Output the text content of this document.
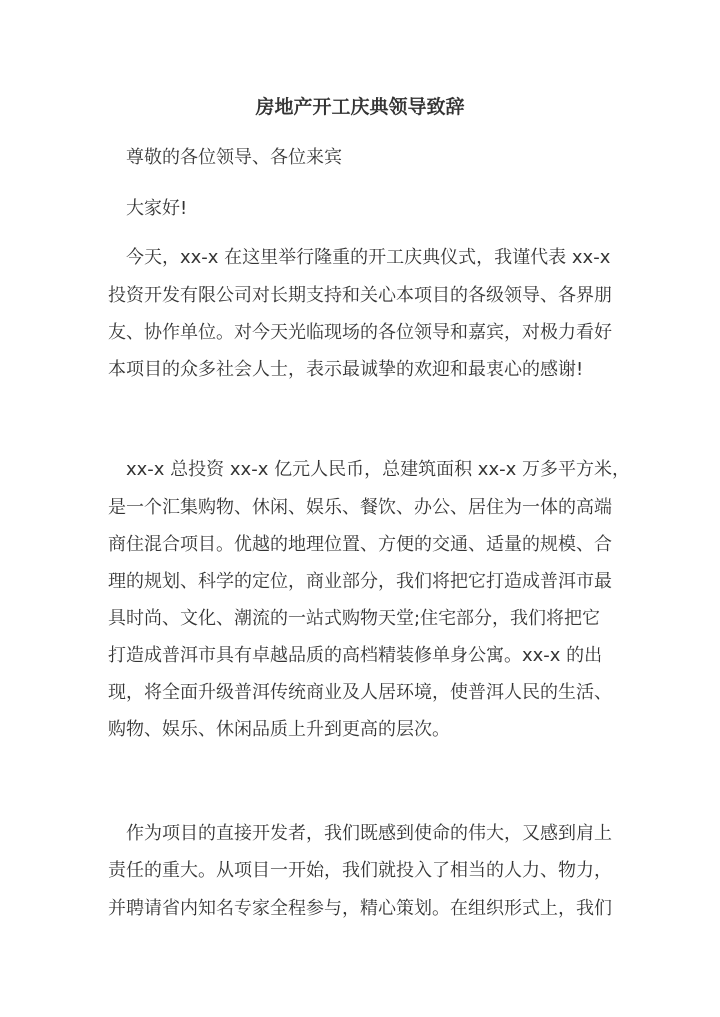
房地产开工庆典领导致辞
尊敬的各位领导、各位来宾
大家好!
今天，xx-x 在这里举行隆重的开工庆典仪式，我谨代表 xx-x
投资开发有限公司对长期支持和关心本项目的各级领导、各界朋
友、协作单位。对今天光临现场的各位领导和嘉宾，对极力看好
本项目的众多社会人士，表示最诚挚的欢迎和最衷心的感谢!
xx-x 总投资 xx-x 亿元人民币，总建筑面积 xx-x 万多平方米，
是一个汇集购物、休闲、娱乐、餐饮、办公、居住为一体的高端
商住混合项目。优越的地理位置、方便的交通、适量的规模、合
理的规划、科学的定位，商业部分，我们将把它打造成普洱市最
具时尚、文化、潮流的一站式购物天堂;住宅部分，我们将把它
打造成普洱市具有卓越品质的高档精装修单身公寓。xx-x 的出
现，将全面升级普洱传统商业及人居环境，使普洱人民的生活、
购物、娱乐、休闲品质上升到更高的层次。
作为项目的直接开发者，我们既感到使命的伟大，又感到肩上
责任的重大。从项目一开始，我们就投入了相当的人力、物力，
并聘请省内知名专家全程参与，精心策划。在组织形式上，我们
